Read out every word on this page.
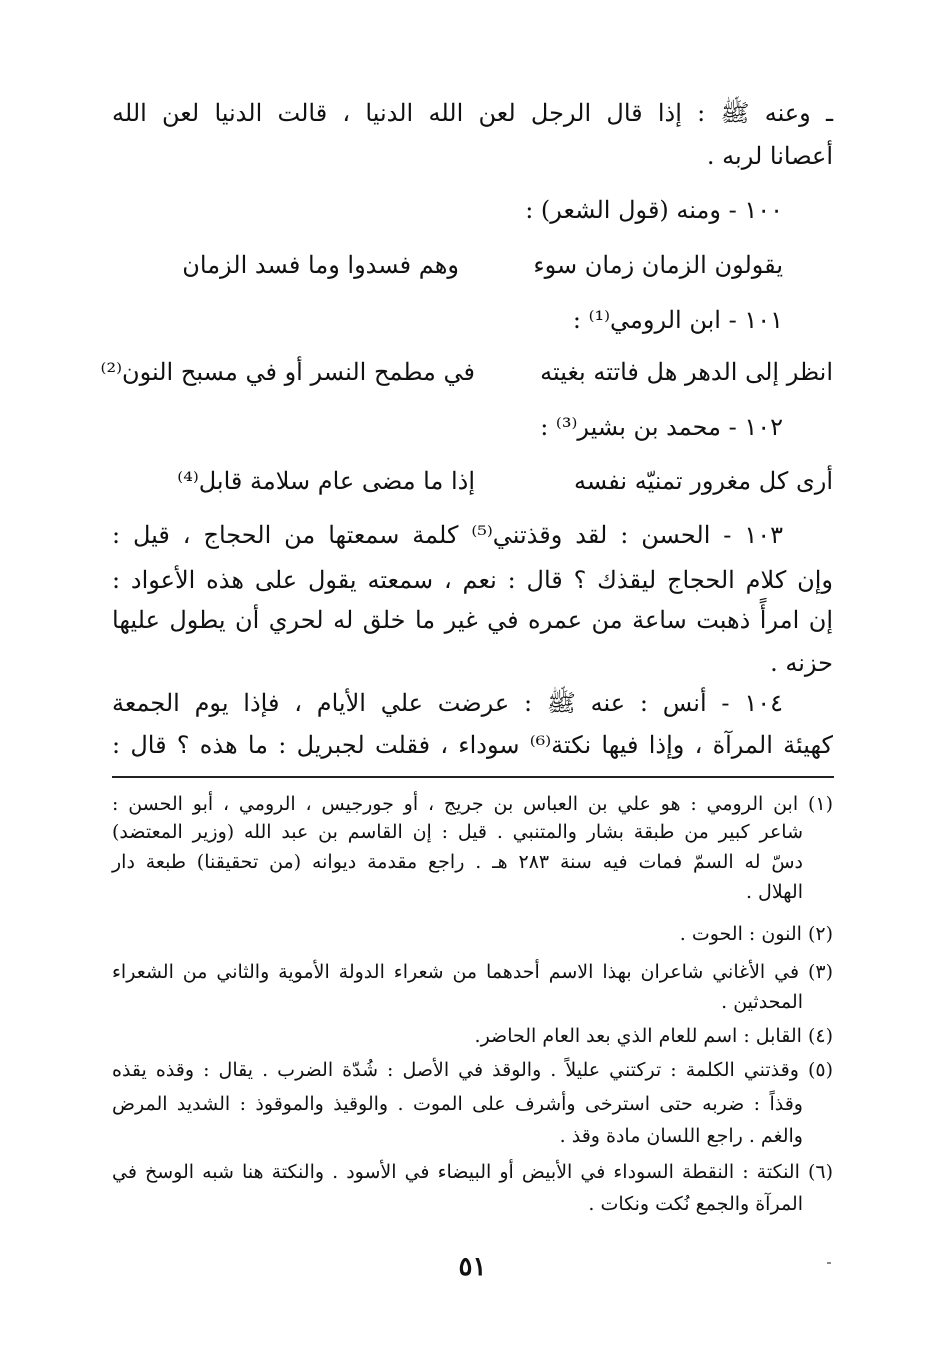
ـ وعنه ﷺ : إذا قال الرجل لعن الله الدنيا ، قالت الدنيا لعن الله
أعصانا لربه .
١٠٠ - ومنه (قول الشعر) :
يقولون الزمان زمان سوء
وهم فسدوا وما فسد الزمان
١٠١ - ابن الرومي⁽¹⁾ :
انظر إلى الدهر هل فاتته بغيته
في مطمح النسر أو في مسبح النون⁽²⁾
١٠٢ - محمد بن بشير⁽³⁾ :
أرى كل مغرور تمنيّه نفسه
إذا ما مضى عام سلامة قابل⁽⁴⁾
١٠٣ - الحسن : لقد وقذتني⁽⁵⁾ كلمة سمعتها من الحجاج ، قيل :
وإن كلام الحجاج ليقذك ؟ قال : نعم ، سمعته يقول على هذه الأعواد :
إن امرأً ذهبت ساعة من عمره في غير ما خلق له لحري أن يطول عليها
حزنه .
١٠٤ - أنس : عنه ﷺ : عرضت علي الأيام ، فإذا يوم الجمعة
كهيئة المرآة ، وإذا فيها نكتة⁽⁶⁾ سوداء ، فقلت لجبريل : ما هذه ؟ قال :
(١) ابن الرومي : هو علي بن العباس بن جريج ، أو جورجيس ، الرومي ، أبو الحسن :
شاعر كبير من طبقة بشار والمتنبي . قيل : إن القاسم بن عبد الله (وزير المعتضد)
دسّ له السمّ فمات فيه سنة ٢٨٣ هـ . راجع مقدمة ديوانه (من تحقيقنا) طبعة دار
الهلال .
(٢) النون : الحوت .
(٣) في الأغاني شاعران بهذا الاسم أحدهما من شعراء الدولة الأموية والثاني من الشعراء
المحدثين .
(٤) القابل : اسم للعام الذي بعد العام الحاضر.
(٥) وقذتني الكلمة : تركتني عليلاً . والوقذ في الأصل : شُدّة الضرب . يقال : وقذه يقذه
وقذاً : ضربه حتى استرخى وأشرف على الموت . والوقيذ والموقوذ : الشديد المرض
والغم . راجع اللسان مادة وقذ .
(٦) النكتة : النقطة السوداء في الأبيض أو البيضاء في الأسود . والنكتة هنا شبه الوسخ في
المرآة والجمع نُكت ونكات .
٥١
